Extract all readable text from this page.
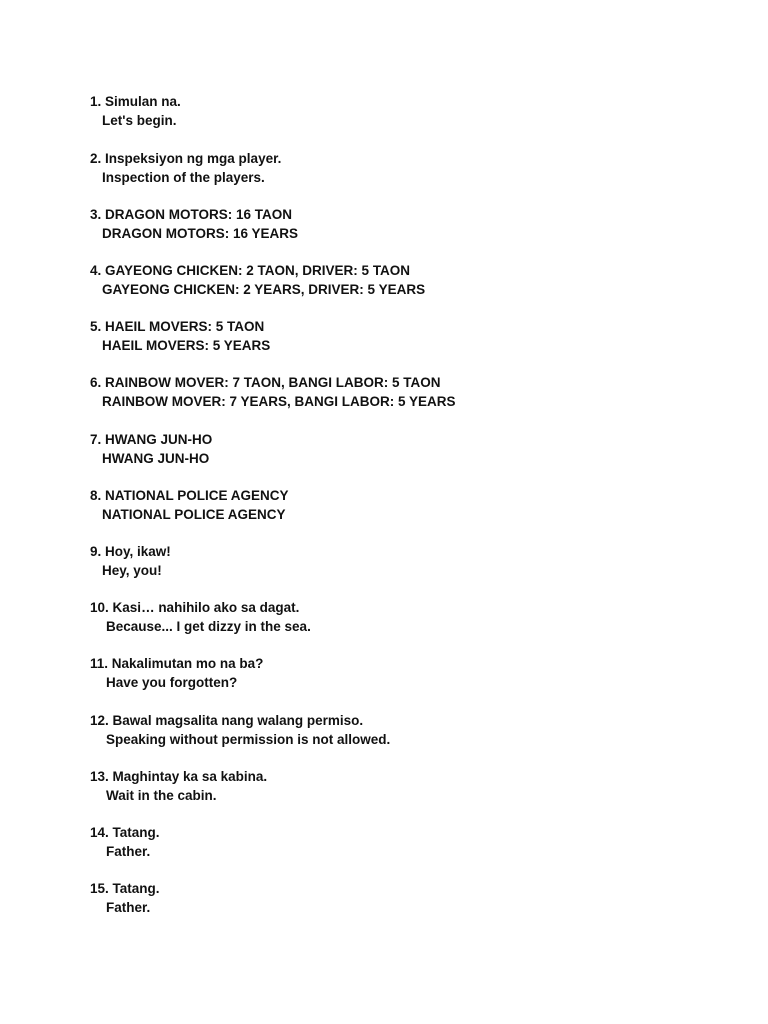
1. Simulan na.
Let's begin.
2. Inspeksiyon ng mga player.
Inspection of the players.
3. DRAGON MOTORS: 16 TAON
DRAGON MOTORS: 16 YEARS
4. GAYEONG CHICKEN: 2 TAON, DRIVER: 5 TAON
GAYEONG CHICKEN: 2 YEARS, DRIVER: 5 YEARS
5. HAEIL MOVERS: 5 TAON
HAEIL MOVERS: 5 YEARS
6. RAINBOW MOVER: 7 TAON, BANGI LABOR: 5 TAON
RAINBOW MOVER: 7 YEARS, BANGI LABOR: 5 YEARS
7. HWANG JUN-HO
HWANG JUN-HO
8. NATIONAL POLICE AGENCY
NATIONAL POLICE AGENCY
9. Hoy, ikaw!
Hey, you!
10. Kasi… nahihilo ako sa dagat.
Because... I get dizzy in the sea.
11. Nakalimutan mo na ba?
Have you forgotten?
12. Bawal magsalita nang walang permiso.
Speaking without permission is not allowed.
13. Maghintay ka sa kabina.
Wait in the cabin.
14. Tatang.
Father.
15. Tatang.
Father.
